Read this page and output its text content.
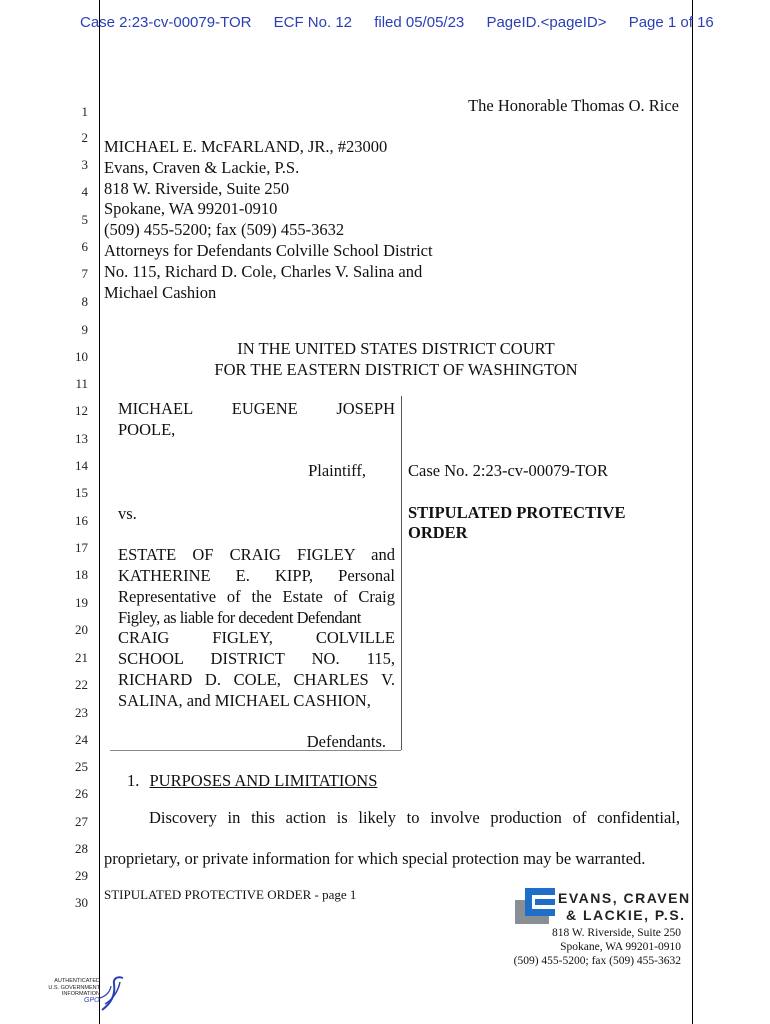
Case 2:23-cv-00079-TOR ECF No. 12 filed 05/05/23 PageID.<pageID> Page 1 of 16
1
2
3
4
5
6
7
8
9
10
11
12
13
14
15
16
17
18
19
20
21
22
23
24
25
26
27
28
29
30
The Honorable Thomas O. Rice
MICHAEL E. McFARLAND, JR., #23000
Evans, Craven & Lackie, P.S.
818 W. Riverside, Suite 250
Spokane, WA 99201-0910
(509) 455-5200; fax (509) 455-3632
Attorneys for Defendants Colville School District
No. 115, Richard D. Cole, Charles V. Salina and
Michael Cashion
IN THE UNITED STATES DISTRICT COURT
FOR THE EASTERN DISTRICT OF WASHINGTON
MICHAEL EUGENE JOSEPH
POOLE,
Plaintiff,
vs.
ESTATE OF CRAIG FIGLEY and
KATHERINE E. KIPP, Personal
Representative of the Estate of Craig
Figley, as liable for decedent Defendant
CRAIG FIGLEY, COLVILLE
SCHOOL DISTRICT NO. 115,
RICHARD D. COLE, CHARLES V.
SALINA, and MICHAEL CASHION,
Defendants.
Case No. 2:23-cv-00079-TOR
STIPULATED PROTECTIVE
ORDER
1. PURPOSES AND LIMITATIONS
Discovery in this action is likely to involve production of confidential,
proprietary, or private information for which special protection may be warranted.
STIPULATED PROTECTIVE ORDER - page 1	EVANS, CRAVEN
& LACKIE, P.S.
818 W. Riverside, Suite 250
Spokane, WA 99201-0910
(509) 455-5200; fax (509) 455-3632
AUTHENTICATED
U.S. GOVERNMENT
INFORMATION
GPO
